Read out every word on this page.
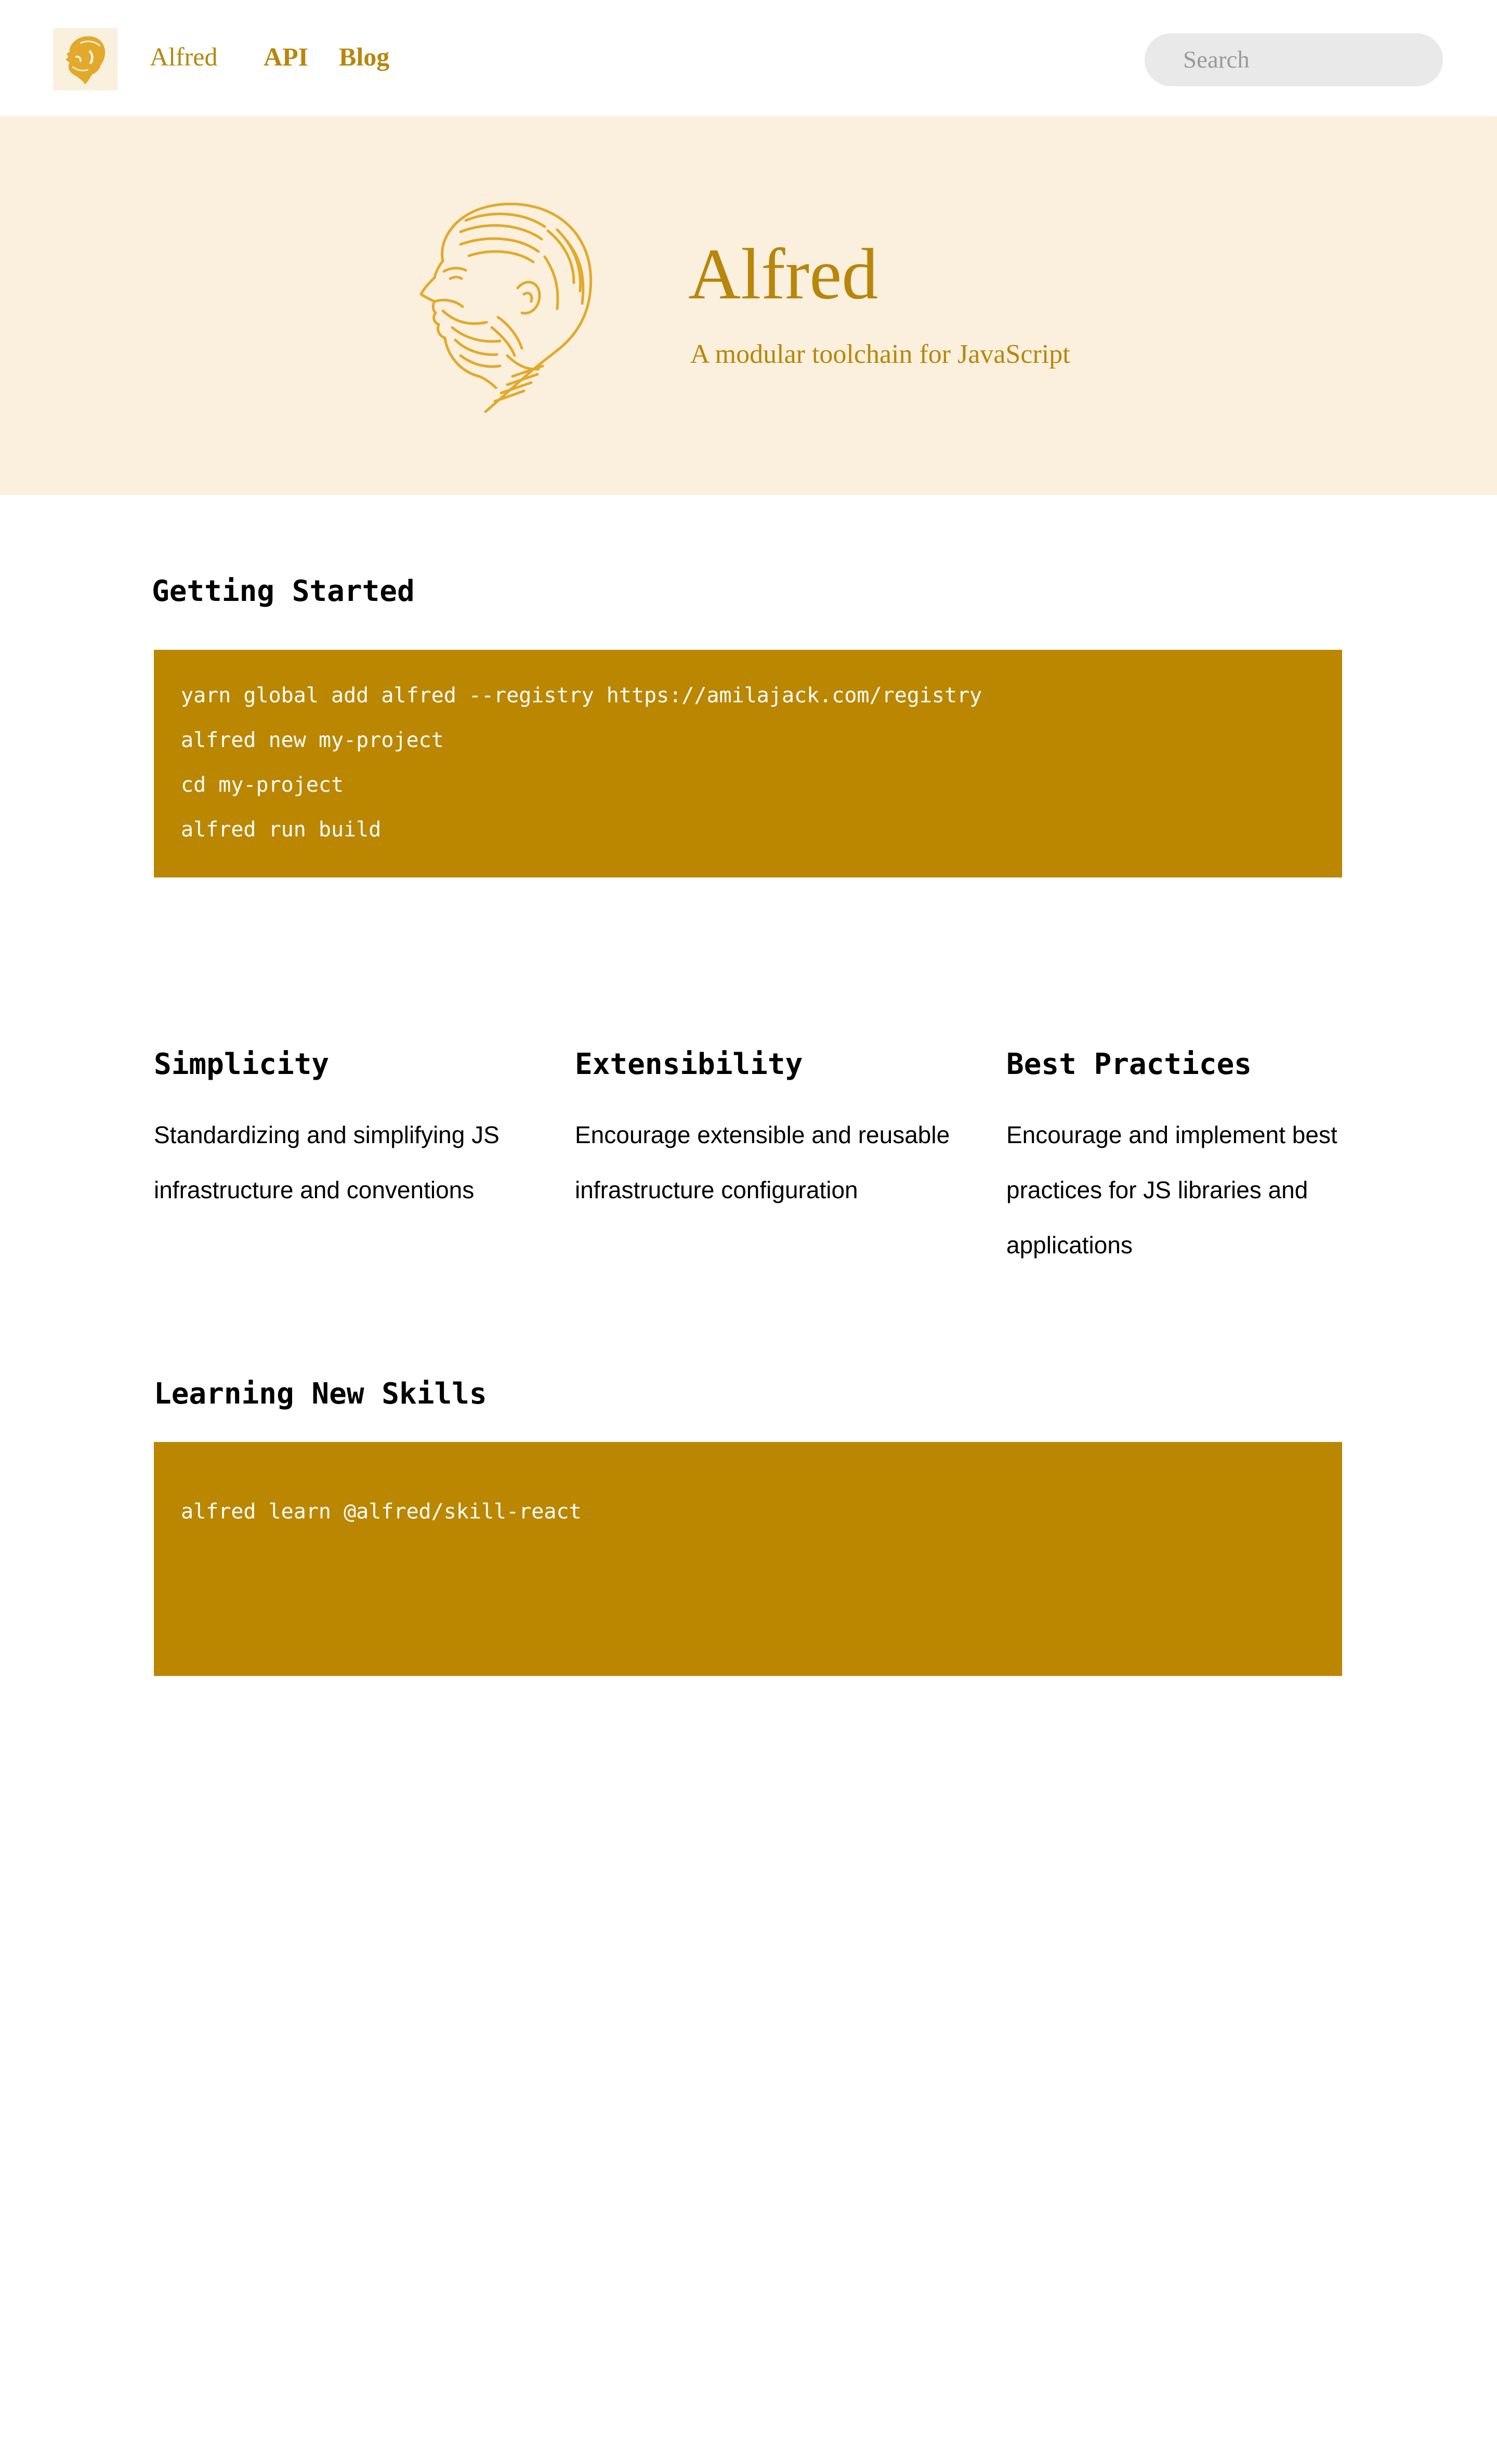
Alfred API Blog
Search
Alfred
A modular toolchain for JavaScript
Getting Started
yarn global add alfred --registry https://amilajack.com/registry
alfred new my-project
cd my-project
alfred run build
Simplicity
Standardizing and simplifying JS infrastructure and conventions
Extensibility
Encourage extensible and reusable infrastructure configuration
Best Practices
Encourage and implement best practices for JS libraries and applications
Learning New Skills
alfred learn @alfred/skill-react
